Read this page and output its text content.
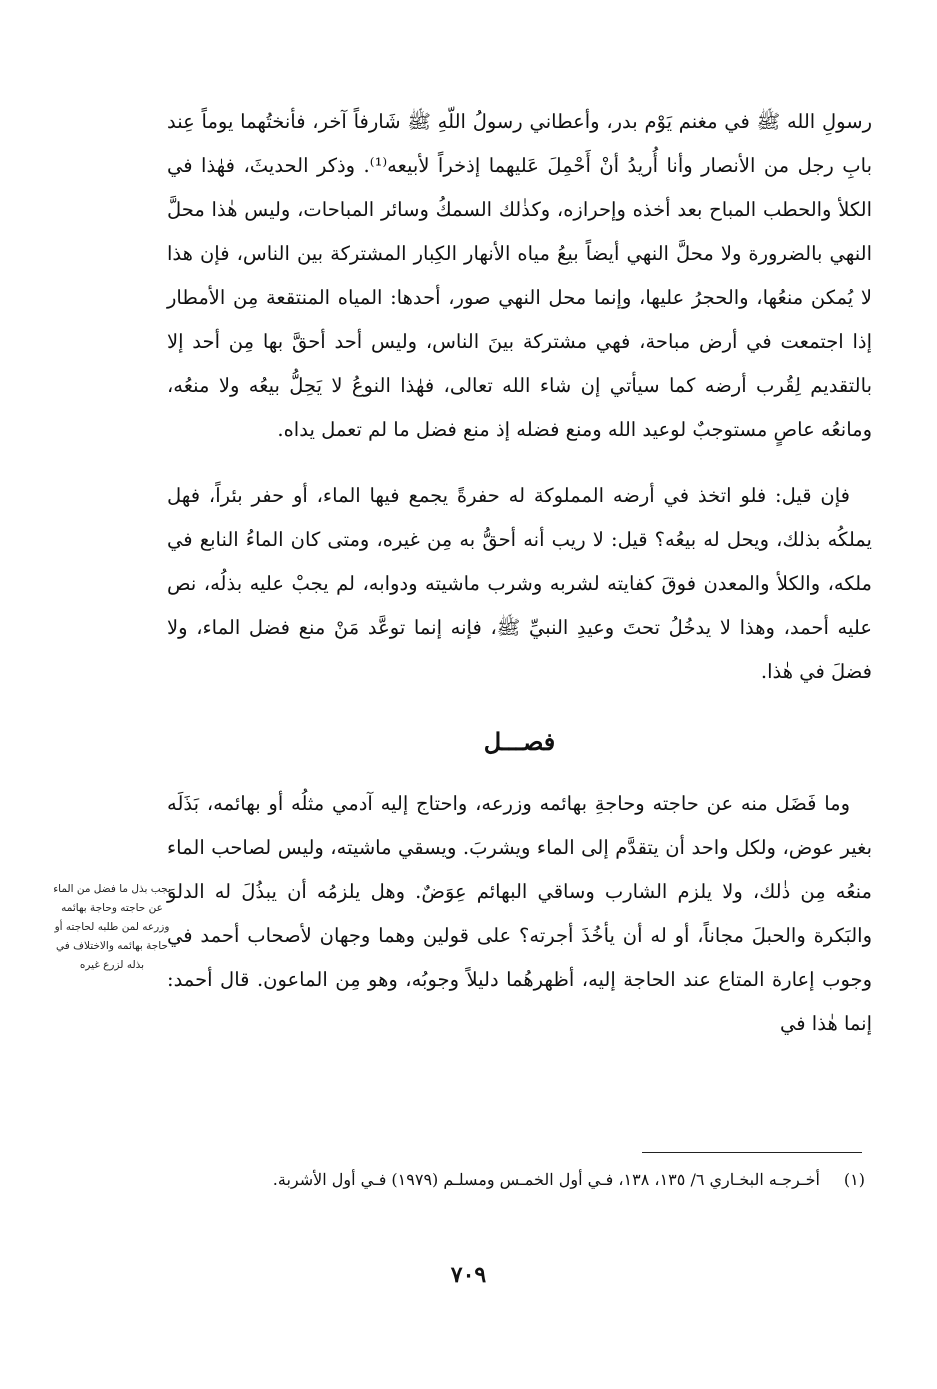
رسولِ الله ﷺ في مغنم يَوْم بدر، وأعطاني رسولُ اللّهِ ﷺ شَارفاً آخر، فأنختُهما يوماً عِند بابِ رجل من الأنصار وأنا أُريدُ أنْ أَحْمِلَ عَليهما إذخراً لأبيعه⁽¹⁾. وذكر الحديثَ، فهٰذا في الكلأ والحطب المباح بعد أخذه وإحرازه، وكذٰلك السمكُ وسائر المباحات، وليس هٰذا محلَّ النهي بالضرورة ولا محلَّ النهي أيضاً بيعُ مياه الأنهار الكِبار المشتركة بين الناس، فإن هذا لا يُمكن منعُها، والحجرُ عليها، وإنما محل النهي صور، أحدها: المياه المنتقعة مِن الأمطار إذا اجتمعت في أرض مباحة، فهي مشتركة بينَ الناس، وليس أحد أحقَّ بها مِن أحد إلا بالتقديم لِقُرب أرضه كما سيأتي إن شاء الله تعالى، فهٰذا النوعُ لا يَحِلُّ بيعُه ولا منعُه، ومانعُه عاصٍ مستوجبٌ لوعيد الله ومنع فضله إذ منع فضل ما لم تعمل يداه.

فإن قيل: فلو اتخذ في أرضه المملوكة له حفرةً يجمع فيها الماء، أو حفر بئراً، فهل يملكُه بذلك، ويحل له بيعُه؟ قيل: لا ريب أنه أحقُّ به مِن غيره، ومتى كان الماءُ النابع في ملكه، والكلأ والمعدن فوقَ كفايته لشربه وشرب ماشيته ودوابه، لم يجبْ عليه بذلُه، نص عليه أحمد، وهذا لا يدخُلُ تحتَ وعيدِ النبيِّ ﷺ، فإنه إنما توعَّد مَنْ منع فضل الماء، ولا فضلَ في هٰذا.

فصـــل

وما فَضَل منه عن حاجته وحاجةِ بهائمه وزرعه، واحتاج إليه آدمي مثلُه أو بهائمه، بَذَلَه بغير عوض، ولكل واحد أن يتقدَّم إلى الماء ويشربَ. ويسقي ماشيته، وليس لصاحب الماء منعُه مِن ذٰلك، ولا يلزم الشارب وساقي البهائم عِوَضٌ. وهل يلزمُه أن يبذُلَ له الدلوَ والبَكرة والحبلَ مجاناً، أو له أن يأخُذَ أجرته؟ على قولين وهما وجهان لأصحاب أحمد في وجوب إعارة المتاع عند الحاجة إليه، أظهرهُما دليلاً وجوبُه، وهو مِن الماعون. قال أحمد: إنما هٰذا في

يجب بذل ما فضل من الماء عن حاجته وحاجة بهائمه وزرعه لمن طلبه لحاجته أو حاجة بهائمه والاختلاف في بذله لزرع غيره
(١) أخـرجـه البخـاري ٦/ ١٣٥، ١٣٨، فـي أول الخمـس ومسلـم (١٩٧٩) فـي أول الأشربة.
٧٠٩
